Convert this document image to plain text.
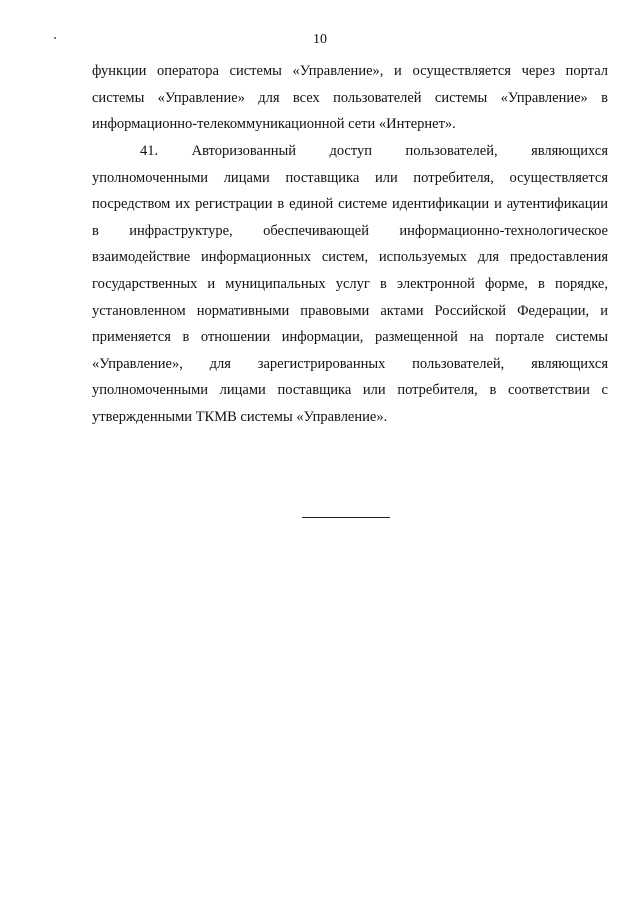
10

функции оператора системы «Управление», и осуществляется через портал системы «Управление» для всех пользователей системы «Управление» в информационно-телекоммуникационной сети «Интернет».

41. Авторизованный доступ пользователей, являющихся уполномоченными лицами поставщика или потребителя, осуществляется посредством их регистрации в единой системе идентификации и аутентификации в инфраструктуре, обеспечивающей информационно-технологическое взаимодействие информационных систем, используемых для предоставления государственных и муниципальных услуг в электронной форме, в порядке, установленном нормативными правовыми актами Российской Федерации, и применяется в отношении информации, размещенной на портале системы «Управление», для зарегистрированных пользователей, являющихся уполномоченными лицами поставщика или потребителя, в соответствии с утвержденными ТКМВ системы «Управление».
